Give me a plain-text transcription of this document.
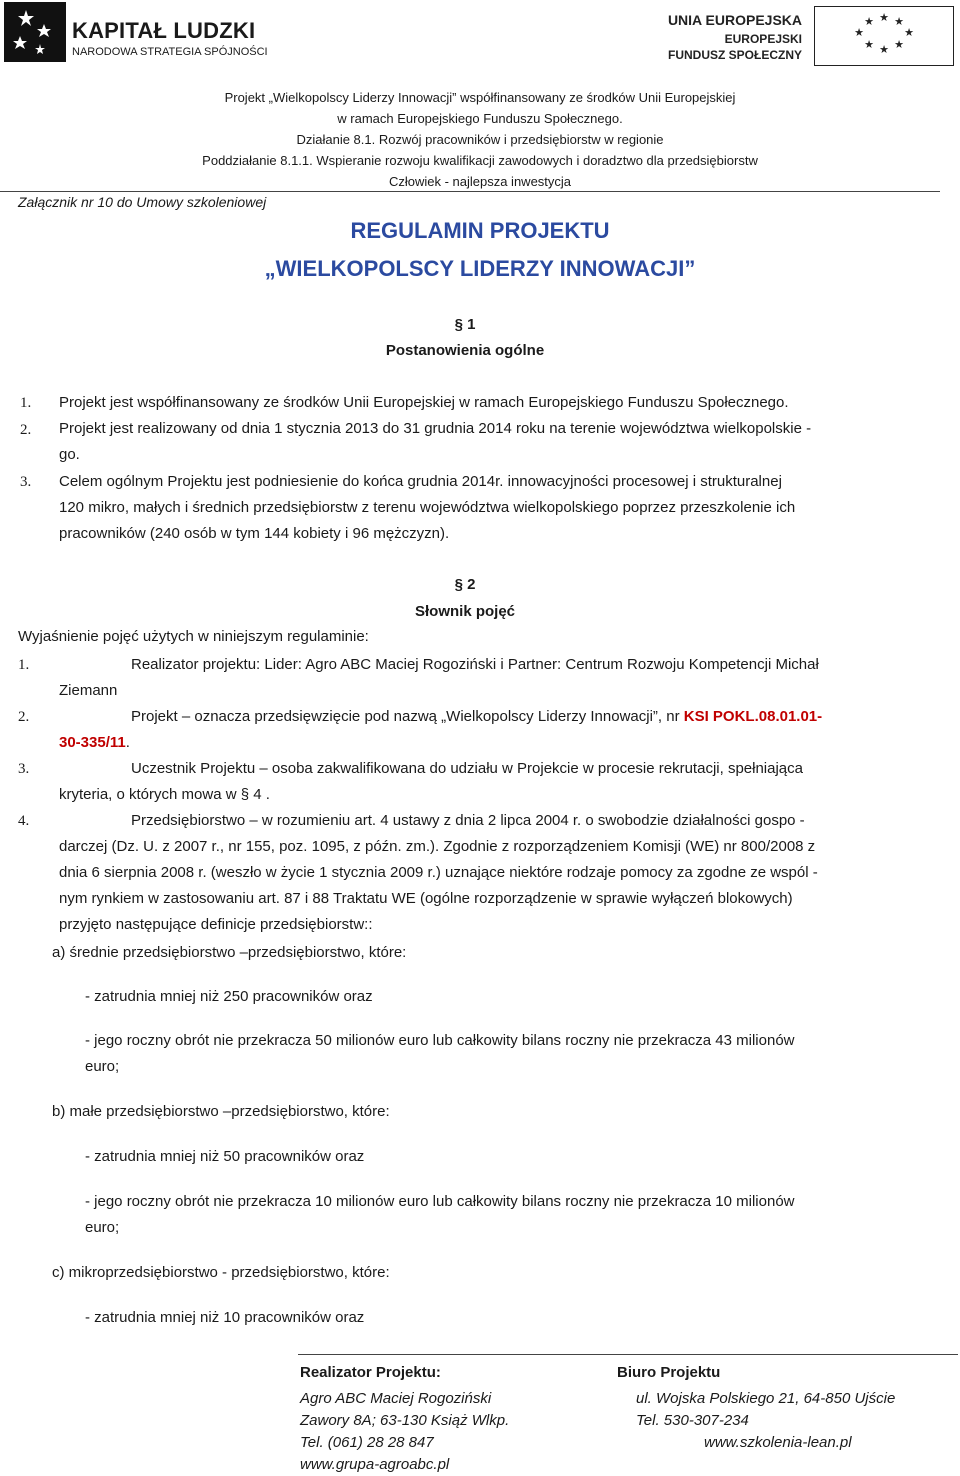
KAPITAŁ LUDZKI
NARODOWA STRATEGIA SPÓJNOŚCI
UNIA EUROPEJSKA
EUROPEJSKI
FUNDUSZ SPOŁECZNY
★ ★
★
★
★
★
★
★
Projekt „Wielkopolscy Liderzy Innowacji” współfinansowany ze środków Unii Europejskiej
w ramach Europejskiego Funduszu Społecznego.
Działanie 8.1. Rozwój pracowników i przedsiębiorstw w regionie
Poddziałanie 8.1.1. Wspieranie rozwoju kwalifikacji zawodowych i doradztwo dla przedsiębiorstw
Człowiek - najlepsza inwestycja
Załącznik nr 10 do Umowy szkoleniowej
REGULAMIN PROJEKTU
„WIELKOPOLSCY LIDERZY INNOWACJI”
§ 1
Postanowienia ogólne
1. Projekt jest współfinansowany ze środków Unii Europejskiej w ramach Europejskiego Funduszu Społecznego.
2. Projekt jest realizowany od dnia 1 stycznia 2013 do 31 grudnia 2014 roku na terenie województwa wielkopolskie -
go.
3. Celem ogólnym Projektu jest podniesienie do końca grudnia 2014r. innowacyjności procesowej i strukturalnej
120 mikro, małych i średnich przedsiębiorstw z terenu województwa wielkopolskiego poprzez przeszkolenie ich
pracowników (240 osób w tym 144 kobiety i 96 mężczyzn).
§ 2
Słownik pojęć
Wyjaśnienie pojęć użytych w niniejszym regulaminie:
1.	Realizator projektu: Lider: Agro ABC Maciej Rogoziński i Partner: Centrum Rozwoju Kompetencji Michał
Ziemann
2.	Projekt – oznacza przedsięwzięcie pod nazwą „Wielkopolscy Liderzy Innowacji”, nr KSI POKL.08.01.01-
30-335/11.
3.	Uczestnik Projektu – osoba zakwalifikowana do udziału w Projekcie w procesie rekrutacji, spełniająca
kryteria, o których mowa w § 4 .
4.	Przedsiębiorstwo – w rozumieniu art. 4 ustawy z dnia 2 lipca 2004 r. o swobodzie działalności gospo -
darczej (Dz. U. z 2007 r., nr 155, poz. 1095, z późn. zm.). Zgodnie z rozporządzeniem Komisji (WE) nr 800/2008 z
dnia 6 sierpnia 2008 r. (weszło w życie 1 stycznia 2009 r.) uznające niektóre rodzaje pomocy za zgodne ze wspól -
nym rynkiem w zastosowaniu art. 87 i 88 Traktatu WE (ogólne rozporządzenie w sprawie wyłączeń blokowych)
przyjęto następujące definicje przedsiębiorstw::
a) średnie przedsiębiorstwo –przedsiębiorstwo, które:
- zatrudnia mniej niż 250 pracowników oraz
- jego roczny obrót nie przekracza 50 milionów euro lub całkowity bilans roczny nie przekracza 43 milionów
euro;
b) małe przedsiębiorstwo –przedsiębiorstwo, które:
- zatrudnia mniej niż 50 pracowników oraz
- jego roczny obrót nie przekracza 10 milionów euro lub całkowity bilans roczny nie przekracza 10 milionów
euro;
c) mikroprzedsiębiorstwo - przedsiębiorstwo, które:
- zatrudnia mniej niż 10 pracowników oraz
Realizator Projektu:
Agro ABC Maciej Rogoziński
Zawory 8A; 63-130 Książ Wlkp.
Tel. (061) 28 28 847
www.grupa-agroabc.pl
Biuro Projektu
ul. Wojska Polskiego 21, 64-850 Ujście
Tel. 530-307-234
www.szkolenia-lean.pl
